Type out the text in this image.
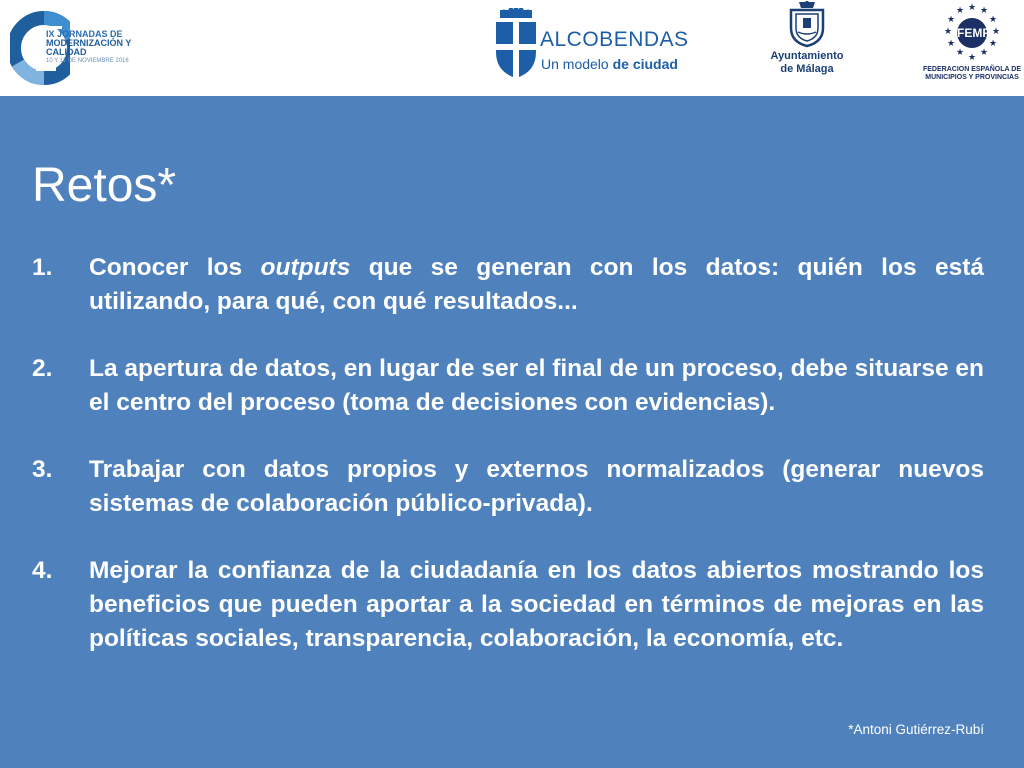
IX JORNADAS DE
MODERNIZACIÓN Y CALIDAD
10 Y 11 DE NOVIEMBRE 2016
ALCOBENDAS
Un modelo de ciudad	Ayuntamiento
de Málaga
★
★ ★
★	★
★	★
★	★
★ ★
★
FEMP
FEDERACION ESPAÑOLA DE
MUNICIPIOS Y PROVINCIAS
Retos*
1. Conocer los outputs que se generan con los datos: quién los está utilizando, para qué, con qué resultados...
2. La apertura de datos, en lugar de ser el final de un proceso, debe situarse en el centro del proceso (toma de decisiones con evidencias).
3. Trabajar con datos propios y externos normalizados (generar nuevos sistemas de colaboración público-privada).
4. Mejorar la confianza de la ciudadanía en los datos abiertos mostrando los beneficios que pueden aportar a la sociedad en términos de mejoras en las políticas sociales, transparencia, colaboración, la economía, etc.
*Antoni Gutiérrez-Rubí
